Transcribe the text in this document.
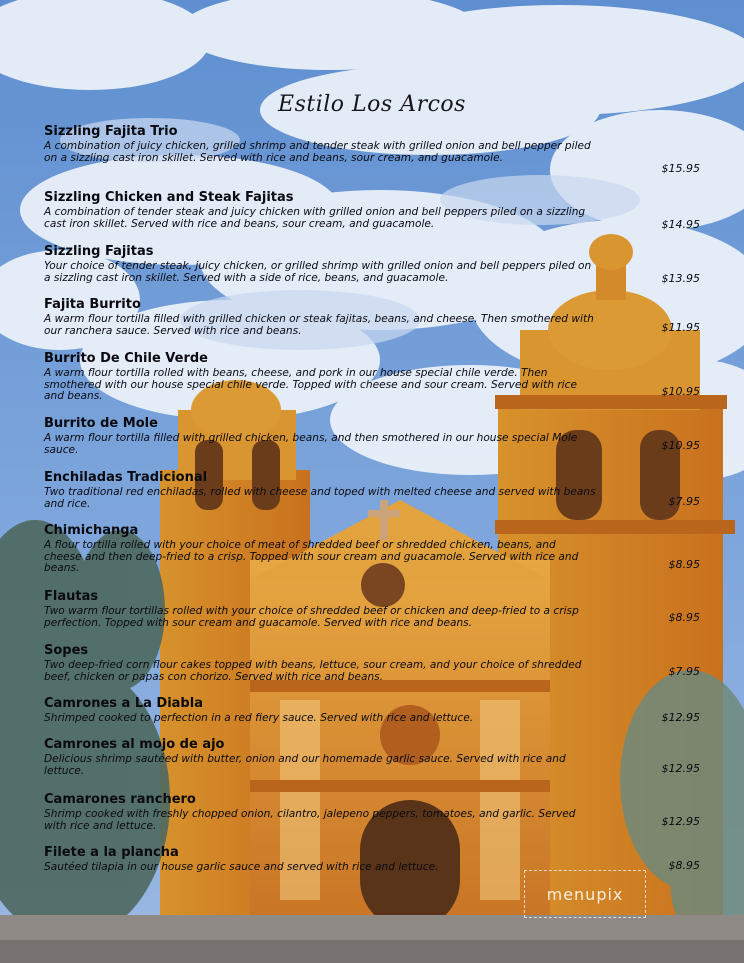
Estilo Los Arcos
Sizzling Fajita Trio
A combination of juicy chicken, grilled shrimp and tender steak with grilled onion and bell pepper piled on a sizzling cast iron skillet. Served with rice and beans, sour cream, and guacamole.
$15.95
Sizzling Chicken and Steak Fajitas
A combination of tender steak and juicy chicken with grilled onion and bell peppers piled on a sizzling cast iron skillet. Served with rice and beans, sour cream, and guacamole.	$14.95
Sizzling Fajitas
Your choice of tender steak, juicy chicken, or grilled shrimp with grilled onion and bell peppers piled on a sizzling cast iron skillet. Served with a side of rice, beans, and guacamole.	$13.95
Fajita Burrito
A warm flour tortilla filled with grilled chicken or steak fajitas, beans, and cheese. Then smothered with our ranchera sauce. Served with rice and beans.	$11.95
Burrito De Chile Verde
A warm flour tortilla rolled with beans, cheese, and pork in our house special chile verde. Then smothered with our house special chile verde. Topped with cheese and sour cream. Served with rice and beans.	$10.95
Burrito de Mole
A warm flour tortilla filled with grilled chicken, beans, and then smothered in our house special Mole sauce.	$10.95
Enchiladas Tradicional
Two traditional red enchiladas, rolled with cheese and toped with melted cheese and served with beans and rice.	$7.95
Chimichanga
A flour tortilla rolled with your choice of meat of shredded beef or shredded chicken, beans, and cheese and then deep-fried to a crisp. Topped with sour cream and guacamole. Served with rice and beans.	$8.95
Flautas
Two warm flour tortillas rolled with your choice of shredded beef or chicken and deep-fried to a crisp perfection. Topped with sour cream and guacamole. Served with rice and beans.	$8.95
Sopes
Two deep-fried corn flour cakes topped with beans, lettuce, sour cream, and your choice of shredded beef, chicken or papas con chorizo. Served with rice and beans.	$7.95
Camrones a La Diabla
Shrimped cooked to perfection in a red fiery sauce. Served with rice and lettuce.	$12.95
Camrones al mojo de ajo
Delicious shrimp sautéed with butter, onion and our homemade garlic sauce. Served with rice and lettuce.	$12.95
Camarones ranchero
Shrimp cooked with freshly chopped onion, cilantro, jalepeno peppers, tomatoes, and garlic. Served with rice and lettuce.	$12.95
Filete a la plancha
Sautéed tilapia in our house garlic sauce and served with rice and lettuce.	$8.95
menupix
